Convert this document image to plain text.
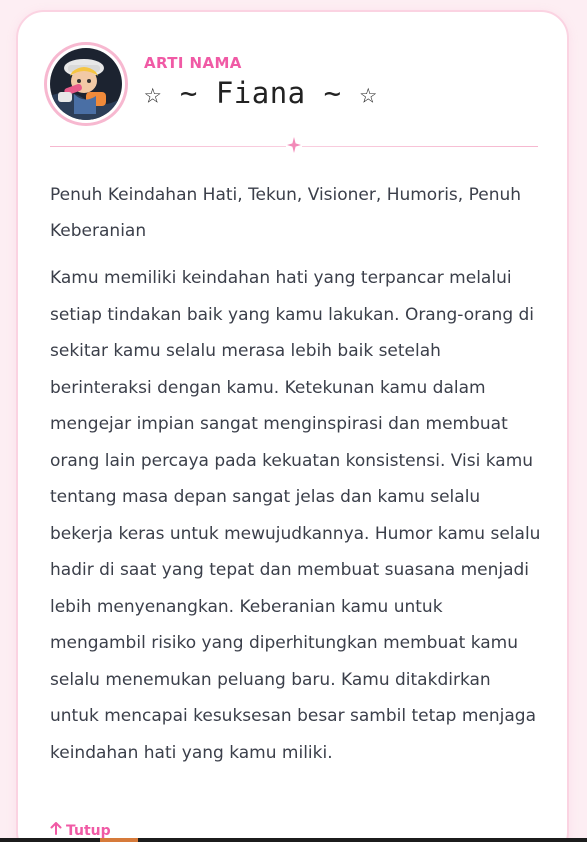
ARTI NAMA
☆ ~ Fiana ~ ☆
Penuh Keindahan Hati, Tekun, Visioner, Humoris, Penuh Keberanian
Kamu memiliki keindahan hati yang terpancar melalui setiap tindakan baik yang kamu lakukan. Orang-orang di sekitar kamu selalu merasa lebih baik setelah berinteraksi dengan kamu. Ketekunan kamu dalam mengejar impian sangat menginspirasi dan membuat orang lain percaya pada kekuatan konsistensi. Visi kamu tentang masa depan sangat jelas dan kamu selalu bekerja keras untuk mewujudkannya. Humor kamu selalu hadir di saat yang tepat dan membuat suasana menjadi lebih menyenangkan. Keberanian kamu untuk mengambil risiko yang diperhitungkan membuat kamu selalu menemukan peluang baru. Kamu ditakdirkan untuk mencapai kesuksesan besar sambil tetap menjaga keindahan hati yang kamu miliki.
Tutup
